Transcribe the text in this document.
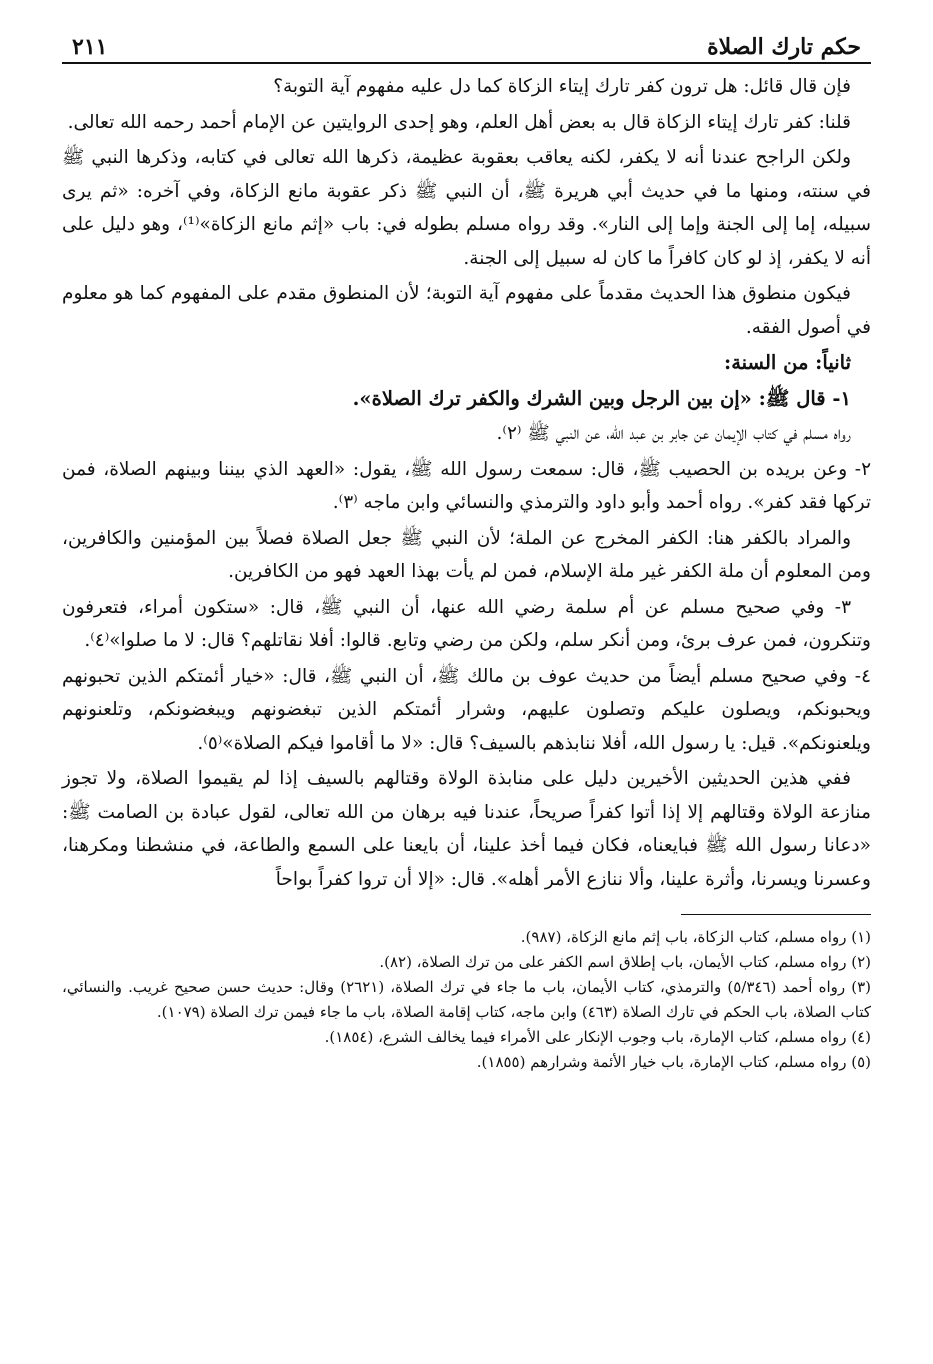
حكم تارك الصلاة
٢١١

فإن قال قائل: هل ترون كفر تارك إيتاء الزكاة كما دل عليه مفهوم آية التوبة؟

قلنا: كفر تارك إيتاء الزكاة قال به بعض أهل العلم، وهو إحدى الروايتين عن الإمام أحمد رحمه الله تعالى.

ولكن الراجح عندنا أنه لا يكفر، لكنه يعاقب بعقوبة عظيمة، ذكرها الله تعالى في كتابه، وذكرها النبي ﷺ في سنته، ومنها ما في حديث أبي هريرة ﷺ، أن النبي ﷺ ذكر عقوبة مانع الزكاة، وفي آخره: «ثم يرى سبيله، إما إلى الجنة وإما إلى النار». وقد رواه مسلم بطوله في: باب «إثم مانع الزكاة»⁽¹⁾، وهو دليل على أنه لا يكفر، إذ لو كان كافراً ما كان له سبيل إلى الجنة.

فيكون منطوق هذا الحديث مقدماً على مفهوم آية التوبة؛ لأن المنطوق مقدم على المفهوم كما هو معلوم في أصول الفقه.

ثانياً: من السنة:

١- قال ﷺ: «إن بين الرجل وبين الشرك والكفر ترك الصلاة».

رواه مسلم في كتاب الإيمان عن جابر بن عبد الله، عن النبي ﷺ ⁽٢⁾.

٢- وعن بريده بن الحصيب ﷺ، قال: سمعت رسول الله ﷺ، يقول: «العهد الذي بيننا وبينهم الصلاة، فمن تركها فقد كفر». رواه أحمد وأبو داود والترمذي والنسائي وابن ماجه ⁽٣⁾.

والمراد بالكفر هنا: الكفر المخرج عن الملة؛ لأن النبي ﷺ جعل الصلاة فصلاً بين المؤمنين والكافرين، ومن المعلوم أن ملة الكفر غير ملة الإسلام، فمن لم يأت بهذا العهد فهو من الكافرين.

٣- وفي صحيح مسلم عن أم سلمة رضي الله عنها، أن النبي ﷺ، قال: «ستكون أمراء، فتعرفون وتنكرون، فمن عرف برئ، ومن أنكر سلم، ولكن من رضي وتابع. قالوا: أفلا نقاتلهم؟ قال: لا ما صلوا»⁽٤⁾.

٤- وفي صحيح مسلم أيضاً من حديث عوف بن مالك ﷺ، أن النبي ﷺ، قال: «خيار أئمتكم الذين تحبونهم ويحبونكم، ويصلون عليكم وتصلون عليهم، وشرار أئمتكم الذين تبغضونهم ويبغضونكم، وتلعنونهم ويلعنونكم». قيل: يا رسول الله، أفلا ننابذهم بالسيف؟ قال: «لا ما أقاموا فيكم الصلاة»⁽٥⁾.

ففي هذين الحديثين الأخيرين دليل على منابذة الولاة وقتالهم بالسيف إذا لم يقيموا الصلاة، ولا تجوز منازعة الولاة وقتالهم إلا إذا أتوا كفراً صريحاً، عندنا فيه برهان من الله تعالى، لقول عبادة بن الصامت ﷺ: «دعانا رسول الله ﷺ فبايعناه، فكان فيما أخذ علينا، أن بايعنا على السمع والطاعة، في منشطنا ومكرهنا، وعسرنا ويسرنا، وأثرة علينا، وألا ننازع الأمر أهله». قال: «إلا أن تروا كفراً بواحاً

(١) رواه مسلم، كتاب الزكاة، باب إثم مانع الزكاة، (٩٨٧).

(٢) رواه مسلم، كتاب الأيمان، باب إطلاق اسم الكفر على من ترك الصلاة، (٨٢).

(٣) رواه أحمد (٥/٣٤٦) والترمذي، كتاب الأيمان، باب ما جاء في ترك الصلاة، (٢٦٢١) وقال: حديث حسن صحيح غريب. والنسائي، كتاب الصلاة، باب الحكم في تارك الصلاة (٤٦٣) وابن ماجه، كتاب إقامة الصلاة، باب ما جاء فيمن ترك الصلاة (١٠٧٩).

(٤) رواه مسلم، كتاب الإمارة، باب وجوب الإنكار على الأمراء فيما يخالف الشرع، (١٨٥٤).

(٥) رواه مسلم، كتاب الإمارة، باب خيار الأئمة وشرارهم (١٨٥٥).
